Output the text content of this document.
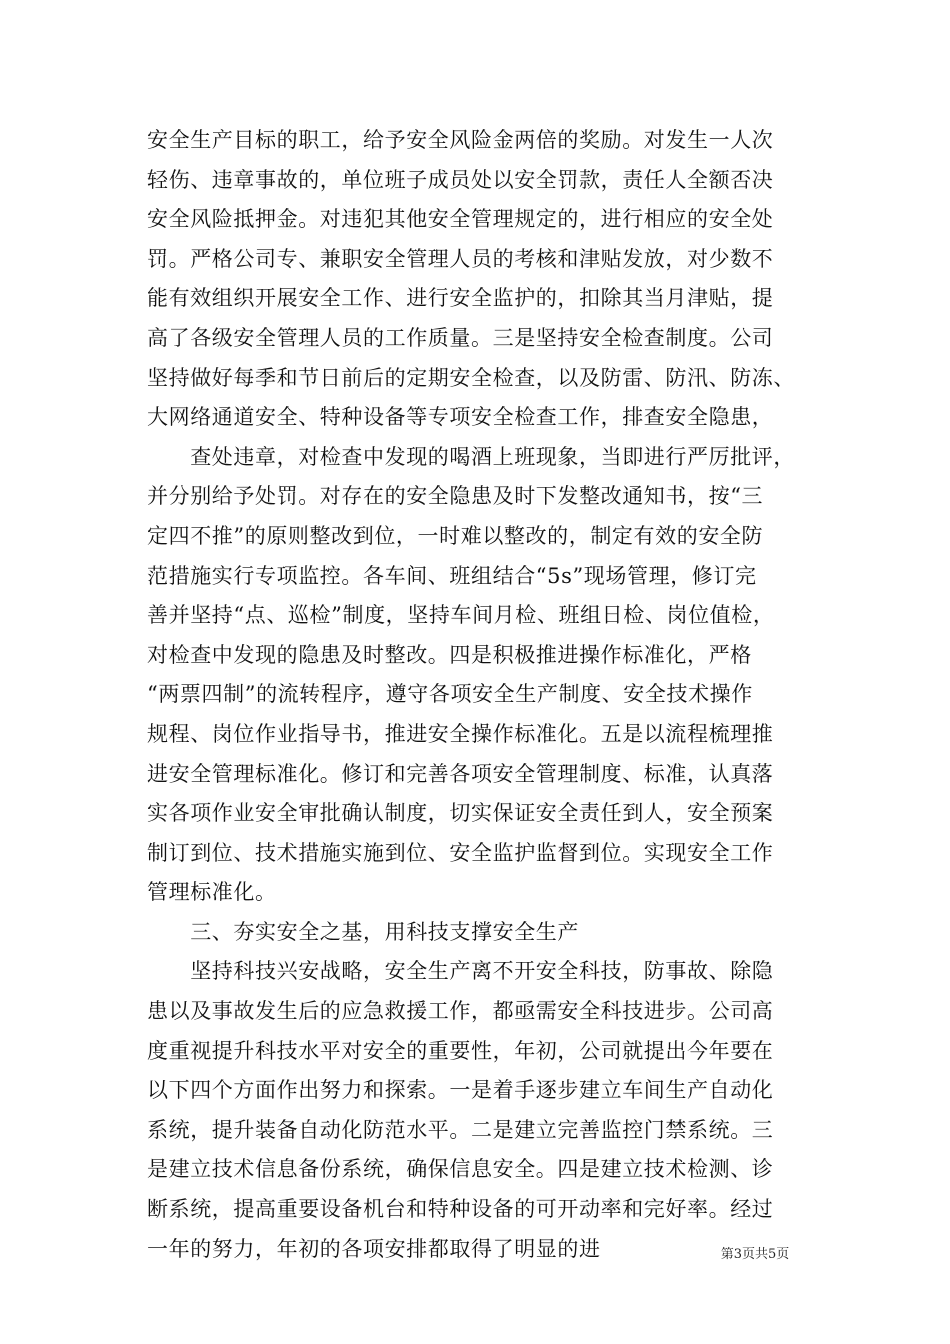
安全生产目标的职工，给予安全风险金两倍的奖励。对发生一人次
轻伤、违章事故的，单位班子成员处以安全罚款，责任人全额否决
安全风险抵押金。对违犯其他安全管理规定的，进行相应的安全处
罚。严格公司专、兼职安全管理人员的考核和津贴发放，对少数不
能有效组织开展安全工作、进行安全监护的，扣除其当月津贴，提
高了各级安全管理人员的工作质量。三是坚持安全检查制度。公司
坚持做好每季和节日前后的定期安全检查，以及防雷、防汛、防冻、
大网络通道安全、特种设备等专项安全检查工作，排查安全隐患，
　　查处违章，对检查中发现的喝酒上班现象，当即进行严厉批评，
并分别给予处罚。对存在的安全隐患及时下发整改通知书，按“三
定四不推”的原则整改到位，一时难以整改的，制定有效的安全防
范措施实行专项监控。各车间、班组结合“5s”现场管理，修订完
善并坚持“点、巡检”制度，坚持车间月检、班组日检、岗位值检，
对检查中发现的隐患及时整改。四是积极推进操作标准化，严格
“两票四制”的流转程序，遵守各项安全生产制度、安全技术操作
规程、岗位作业指导书，推进安全操作标准化。五是以流程梳理推
进安全管理标准化。修订和完善各项安全管理制度、标准，认真落
实各项作业安全审批确认制度，切实保证安全责任到人，安全预案
制订到位、技术措施实施到位、安全监护监督到位。实现安全工作
管理标准化。
　　三、夯实安全之基，用科技支撑安全生产
　　坚持科技兴安战略，安全生产离不开安全科技，防事故、除隐
患以及事故发生后的应急救援工作，都亟需安全科技进步。公司高
度重视提升科技水平对安全的重要性，年初，公司就提出今年要在
以下四个方面作出努力和探索。一是着手逐步建立车间生产自动化
系统，提升装备自动化防范水平。二是建立完善监控门禁系统。三
是建立技术信息备份系统，确保信息安全。四是建立技术检测、诊
断系统，提高重要设备机台和特种设备的可开动率和完好率。经过
一年的努力，年初的各项安排都取得了明显的进	第3页共5页
